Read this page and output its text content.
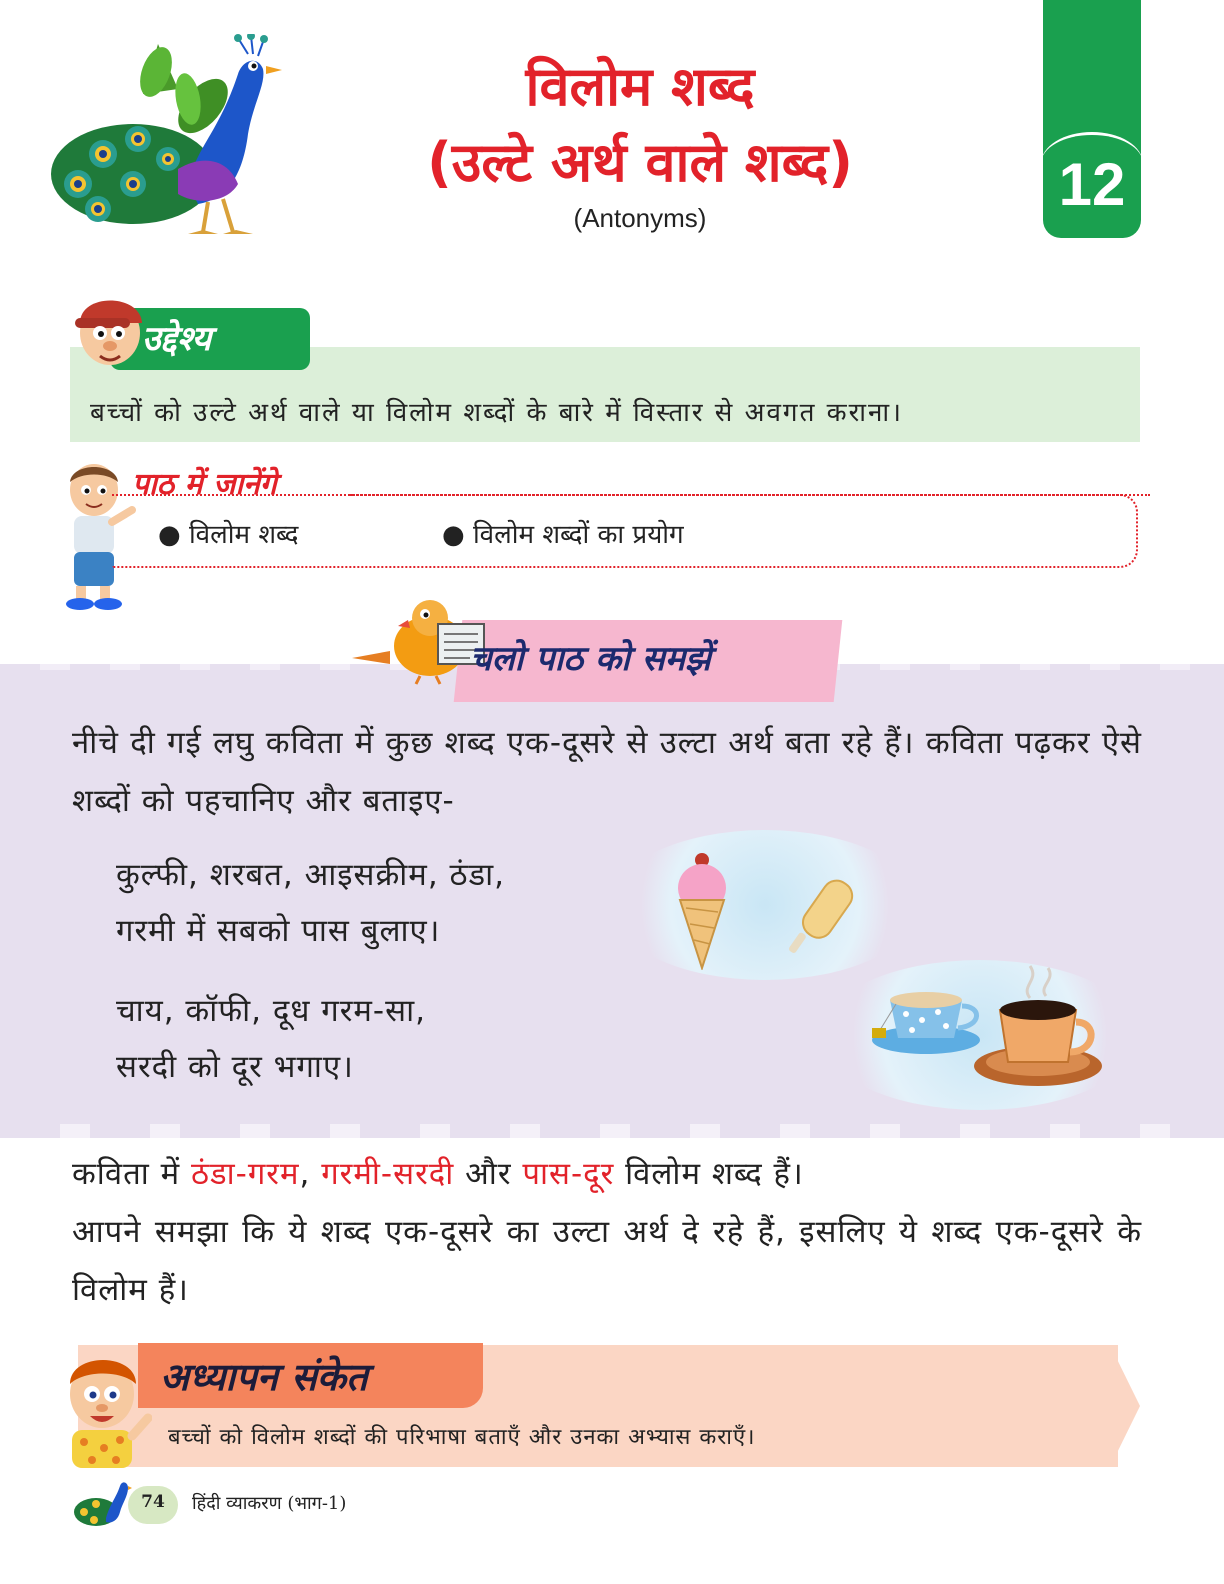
12
विलोम शब्द
(उल्टे अर्थ वाले शब्द)
(Antonyms)
उद्देश्य
बच्चों को उल्टे अर्थ वाले या विलोम शब्दों के बारे में विस्तार से अवगत कराना।
पाठ में जानेंगे
● विलोम शब्द	● विलोम शब्दों का प्रयोग
चलो पाठ को समझें
नीचे दी गई लघु कविता में कुछ शब्द एक-दूसरे से उल्टा अर्थ बता रहे हैं। कविता पढ़कर ऐसे शब्दों को पहचानिए और बताइए-
कुल्फी, शरबत, आइसक्रीम, ठंडा,
गरमी में सबको पास बुलाए।
चाय, कॉफी, दूध गरम-सा,
सरदी को दूर भगाए।
कविता में ठंडा-गरम, गरमी-सरदी और पास-दूर विलोम शब्द हैं।
आपने समझा कि ये शब्द एक-दूसरे का उल्टा अर्थ दे रहे हैं, इसलिए ये शब्द एक-दूसरे के विलोम हैं।
अध्यापन संकेत
बच्चों को विलोम शब्दों की परिभाषा बताएँ और उनका अभ्यास कराएँ।
74	हिंदी व्याकरण (भाग-1)
